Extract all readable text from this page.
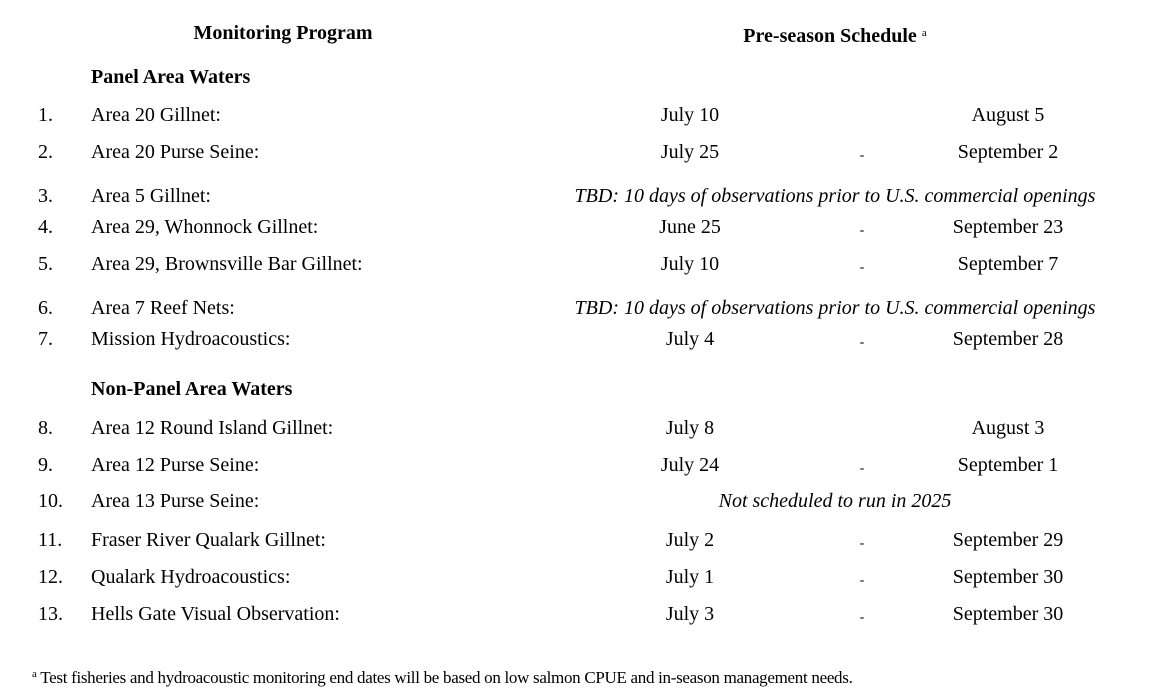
Monitoring Program	Pre-season Schedule $^a$
Panel Area Waters
1. Area 20 Gillnet:	July 10	August 5
2. Area 20 Purse Seine:	July 25	-	September 2
3. Area 5 Gillnet:	TBD: 10 days of observations prior to U.S. commercial openings
4. Area 29, Whonnock Gillnet:	June 25	-	September 23
5. Area 29, Brownsville Bar Gillnet:	July 10	-	September 7
6. Area 7 Reef Nets:	TBD: 10 days of observations prior to U.S. commercial openings
7. Mission Hydroacoustics:	July 4	-	September 28
Non-Panel Area Waters
8. Area 12 Round Island Gillnet:	July 8	August 3
9. Area 12 Purse Seine:	July 24	-	September 1
10. Area 13 Purse Seine:	Not scheduled to run in 2025
11. Fraser River Qualark Gillnet:	July 2	-	September 29
12. Qualark Hydroacoustics:	July 1	-	September 30
13. Hells Gate Visual Observation:	July 3	-	September 30
$^a$ Test fisheries and hydroacoustic monitoring end dates will be based on low salmon CPUE and in-season management needs.
